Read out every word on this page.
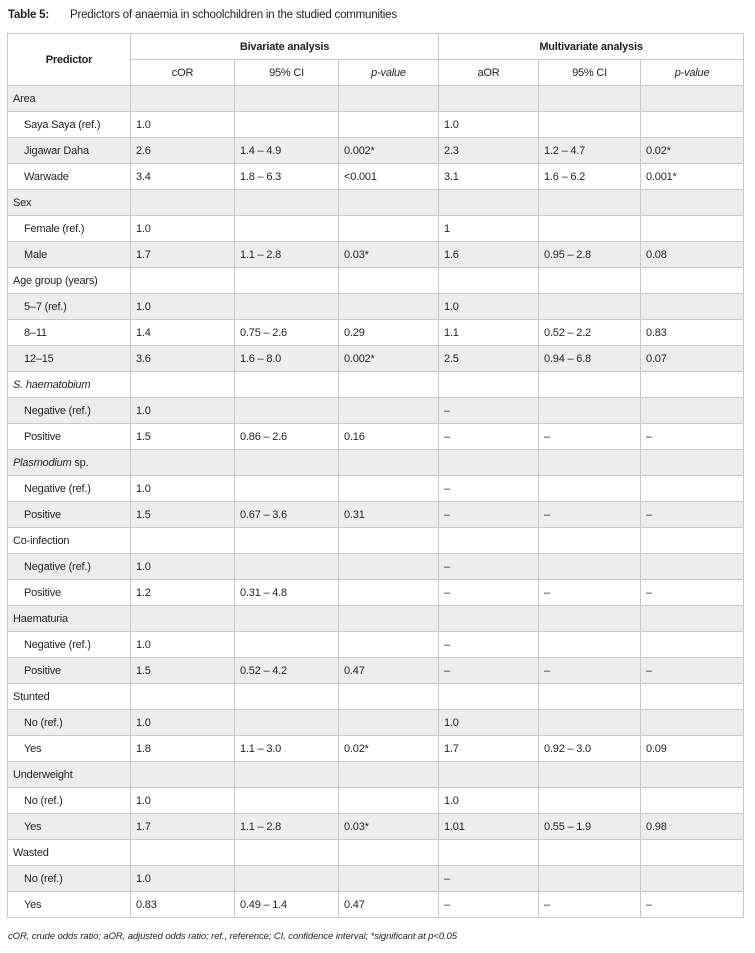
Table 5: Predictors of anaemia in schoolchildren in the studied communities
Predictor	Bivariate analysis			Multivariate analysis		
	cOR	95% CI	p-value	aOR	95% CI	p-value
Area						
Saya Saya (ref.)	1.0			1.0		
Jigawar Daha	2.6	1.4 – 4.9	0.002*	2.3	1.2 – 4.7	0.02*
Warwade	3.4	1.8 – 6.3	<0.001	3.1	1.6 – 6.2	0.001*
Sex						
Female (ref.)	1.0			1		
Male	1.7	1.1 – 2.8	0.03*	1.6	0.95 – 2.8	0.08
Age group (years)						
5–7 (ref.)	1.0			1.0		
8–11	1.4	0.75 – 2.6	0.29	1.1	0.52 – 2.2	0.83
12–15	3.6	1.6 – 8.0	0.002*	2.5	0.94 – 6.8	0.07
S. haematobium						
Negative (ref.)	1.0			–		
Positive	1.5	0.86 – 2.6	0.16	–	–	–
Plasmodium sp.						
Negative (ref.)	1.0			–		
Positive	1.5	0.67 – 3.6	0.31	–	–	–
Co-infection						
Negative (ref.)	1.0			–		
Positive	1.2	0.31 – 4.8		–	–	–
Haematuria						
Negative (ref.)	1.0			–		
Positive	1.5	0.52 – 4.2	0.47	–	–	–
Stunted						
No (ref.)	1.0			1.0		
Yes	1.8	1.1 – 3.0	0.02*	1.7	0.92 – 3.0	0.09
Underweight						
No (ref.)	1.0			1.0		
Yes	1.7	1.1 – 2.8	0.03*	1.01	0.55 – 1.9	0.98
Wasted						
No (ref.)	1.0			–		
Yes	0.83	0.49 – 1.4	0.47	–	–	–
cOR, crude odds ratio; aOR, adjusted odds ratio; ref., reference; CI, confidence interval; *significant at p<0.05
